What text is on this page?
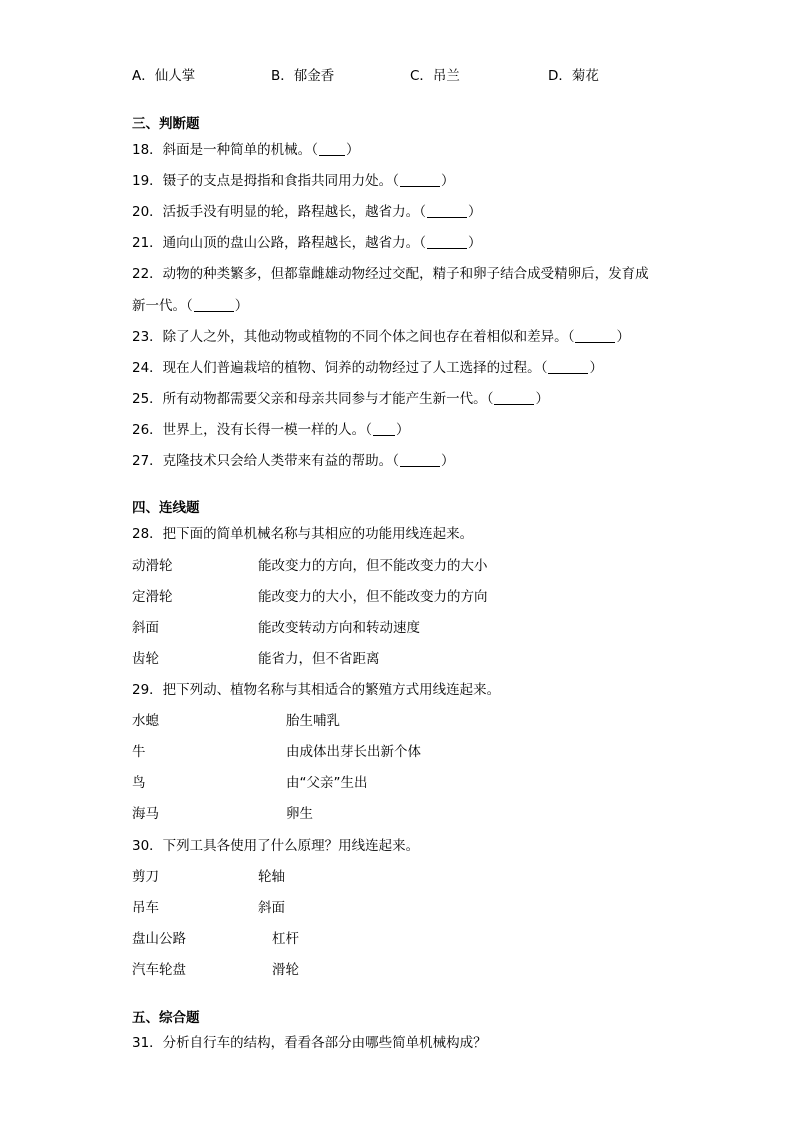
A．仙人掌	B．郁金香	C．吊兰	D．菊花
三、判断题
18．斜面是一种简单的机械。（ ）
19．镊子的支点是拇指和食指共同用力处。（	）
20．活扳手没有明显的轮，路程越长，越省力。（	）
21．通向山顶的盘山公路，路程越长，越省力。（	）
22．动物的种类繁多，但都靠雌雄动物经过交配，精子和卵子结合成受精卵后，发育成
新一代。（	）
23．除了人之外，其他动物或植物的不同个体之间也存在着相似和差异。（	）
24．现在人们普遍栽培的植物、饲养的动物经过了人工选择的过程。（	）
25．所有动物都需要父亲和母亲共同参与才能产生新一代。（	）
26．世界上，没有长得一模一样的人。（ ）
27．克隆技术只会给人类带来有益的帮助。（	）
四、连线题
28．把下面的简单机械名称与其相应的功能用线连起来。
动滑轮	能改变力的方向，但不能改变力的大小
定滑轮	能改变力的大小，但不能改变力的方向
斜面	能改变转动方向和转动速度
齿轮	能省力，但不省距离
29．把下列动、植物名称与其相适合的繁殖方式用线连起来。
水螅	胎生哺乳
牛	由成体出芽长出新个体
鸟	由“父亲”生出
海马	卵生
30．下列工具各使用了什么原理？用线连起来。
剪刀	轮轴
吊车	斜面
盘山公路	杠杆
汽车轮盘	滑轮
五、综合题
31．分析自行车的结构，看看各部分由哪些简单机械构成？
